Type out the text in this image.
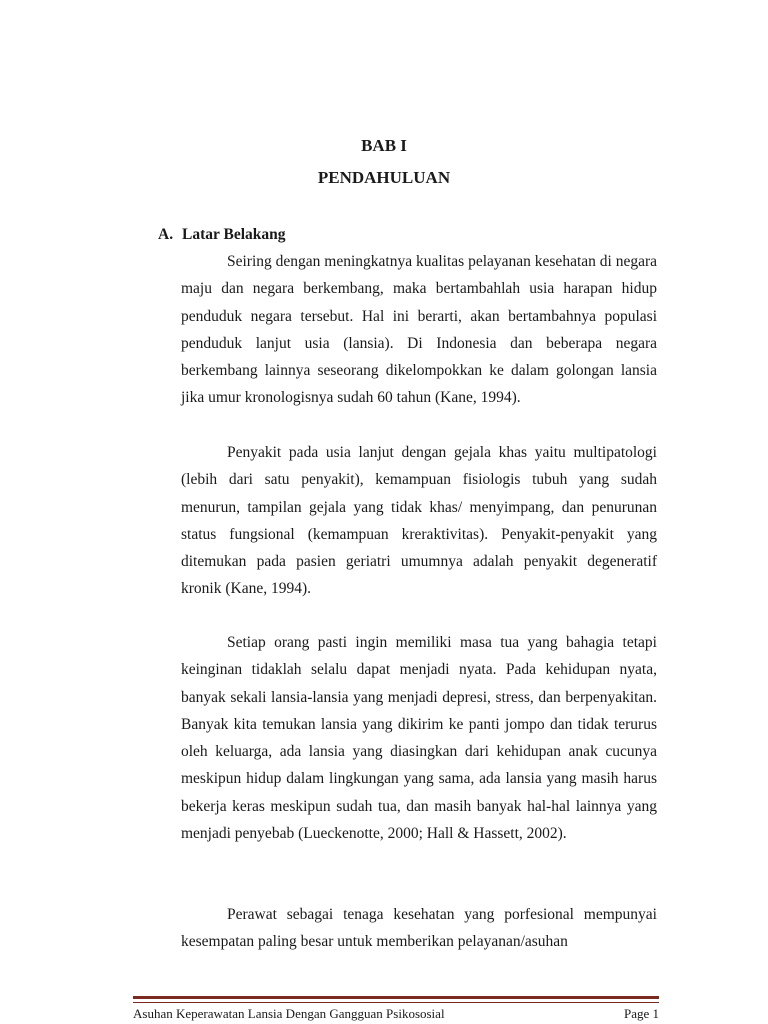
BAB I
PENDAHULUAN
A. Latar Belakang

Seiring dengan meningkatnya kualitas pelayanan kesehatan di negara maju dan negara berkembang, maka bertambahlah usia harapan hidup penduduk negara tersebut. Hal ini berarti, akan bertambahnya populasi penduduk lanjut usia (lansia). Di Indonesia dan beberapa negara berkembang lainnya seseorang dikelompokkan ke dalam golongan lansia jika umur kronologisnya sudah 60 tahun (Kane, 1994).

Penyakit pada usia lanjut dengan gejala khas yaitu multipatologi (lebih dari satu penyakit), kemampuan fisiologis tubuh yang sudah menurun, tampilan gejala yang tidak khas/ menyimpang, dan penurunan status fungsional (kemampuan kreraktivitas). Penyakit-penyakit yang ditemukan pada pasien geriatri umumnya adalah penyakit degeneratif kronik (Kane, 1994).

Setiap orang pasti ingin memiliki masa tua yang bahagia tetapi keinginan tidaklah selalu dapat menjadi nyata. Pada kehidupan nyata, banyak sekali lansia-lansia yang menjadi depresi, stress, dan berpenyakitan. Banyak kita temukan lansia yang dikirim ke panti jompo dan tidak terurus oleh keluarga, ada lansia yang diasingkan dari kehidupan anak cucunya meskipun hidup dalam lingkungan yang sama, ada lansia yang masih harus bekerja keras meskipun sudah tua, dan masih banyak hal-hal lainnya yang menjadi penyebab (Lueckenotte, 2000; Hall & Hassett, 2002).

Perawat sebagai tenaga kesehatan yang porfesional mempunyai kesempatan paling besar untuk memberikan pelayanan/asuhan

Asuhan Keperawatan Lansia Dengan Gangguan Psikososial	Page 1
